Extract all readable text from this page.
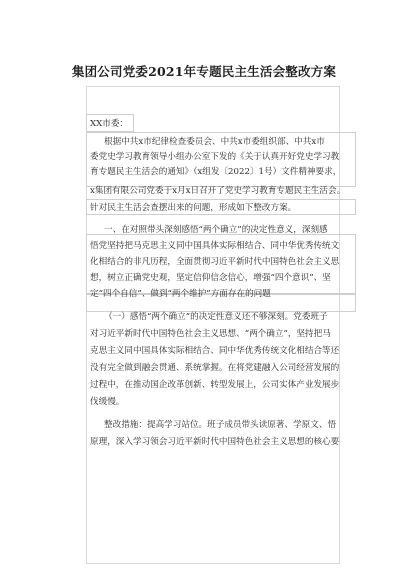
集团公司党委2021年专题民主生活会整改方案
XX市委：
根据中共x市纪律检查委员会、中共x市委组织部、中共x市
委党史学习教育领导小组办公室下发的《关于认真开好党史学习教
育专题民主生活会的通知》（x组发〔2022〕1号）文件精神要求，
x集团有限公司党委于x月x日召开了党史学习教育专题民主生活会。
针对民主生活会查摆出来的问题，形成如下整改方案。
一、在对照带头深刻感悟“两个确立”的决定性意义，深刻感
悟党坚持把马克思主义同中国具体实际相结合、同中华优秀传统文
化相结合的非凡历程，全面贯彻习近平新时代中国特色社会主义思
想，树立正确党史观，坚定信仰信念信心，增强“四个意识”、坚
定“四个自信”、做到“两个维护”方面存在的问题
（一）感悟“两个确立”的决定性意义还不够深刻。党委班子
对习近平新时代中国特色社会主义思想、“两个确立”，坚持把马
克思主义同中国具体实际相结合、同中华优秀传统文化相结合等还
没有完全做到融会贯通、系统掌握。在将党建融入公司经营发展的
过程中，在推动国企改革创新、转型发展上，公司实体产业发展步
伐缓慢。
整改措施：提高学习站位。班子成员带头读原著、学原文、悟
原理，深入学习领会习近平新时代中国特色社会主义思想的核心要
